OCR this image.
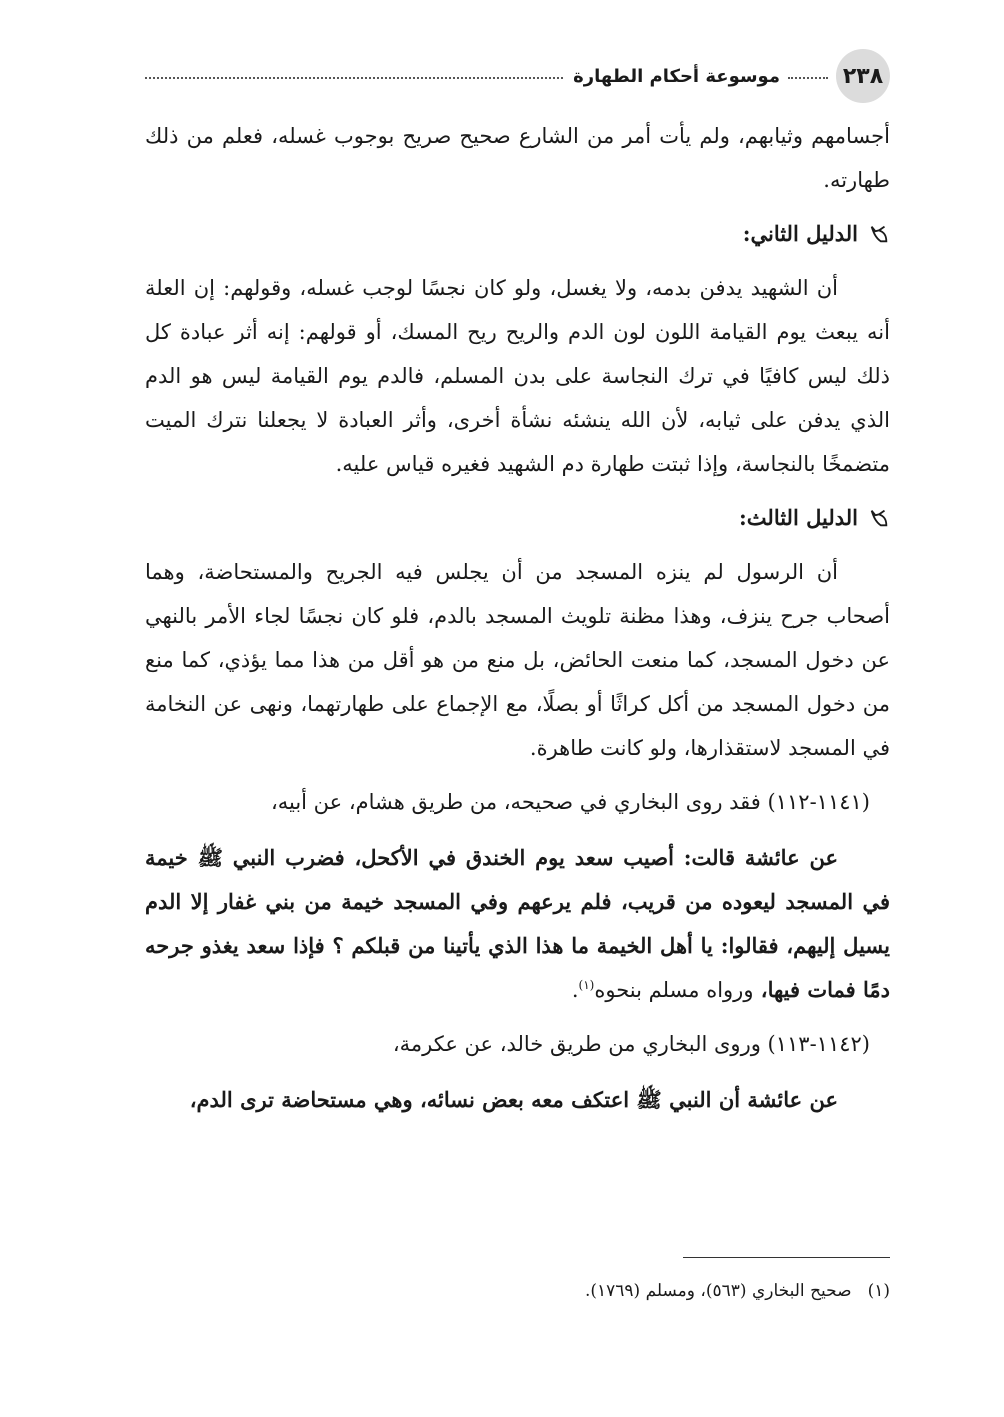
٢٣٨
موسوعة أحكام الطهارة

أجسامهم وثيابهم، ولم يأت أمر من الشارع صحيح صريح بوجوب غسله، فعلم من ذلك طهارته.

الدليل الثاني:

أن الشهيد يدفن بدمه، ولا يغسل، ولو كان نجسًا لوجب غسله، وقولهم: إن العلة أنه يبعث يوم القيامة اللون لون الدم والريح ريح المسك، أو قولهم: إنه أثر عبادة كل ذلك ليس كافيًا في ترك النجاسة على بدن المسلم، فالدم يوم القيامة ليس هو الدم الذي يدفن على ثيابه، لأن الله ينشئه نشأة أخرى، وأثر العبادة لا يجعلنا نترك الميت متضمخًا بالنجاسة، وإذا ثبتت طهارة دم الشهيد فغيره قياس عليه.

الدليل الثالث:

أن الرسول لم ينزه المسجد من أن يجلس فيه الجريح والمستحاضة، وهما أصحاب جرح ينزف، وهذا مظنة تلويث المسجد بالدم، فلو كان نجسًا لجاء الأمر بالنهي عن دخول المسجد، كما منعت الحائض، بل منع من هو أقل من هذا مما يؤذي، كما منع من دخول المسجد من أكل كراثًا أو بصلًا، مع الإجماع على طهارتهما، ونهى عن النخامة في المسجد لاستقذارها، ولو كانت طاهرة.

(١١٤١-١١٢) فقد روى البخاري في صحيحه، من طريق هشام، عن أبيه،

عن عائشة قالت: أصيب سعد يوم الخندق في الأكحل، فضرب النبي ﷺ خيمة في المسجد ليعوده من قريب، فلم يرعهم وفي المسجد خيمة من بني غفار إلا الدم يسيل إليهم، فقالوا: يا أهل الخيمة ما هذا الذي يأتينا من قبلكم ؟ فإذا سعد يغذو جرحه دمًا فمات فيها، ورواه مسلم بنحوه$^{(١)}$.

(١١٤٢-١١٣) وروى البخاري من طريق خالد، عن عكرمة،

عن عائشة أن النبي ﷺ اعتكف معه بعض نسائه، وهي مستحاضة ترى الدم،

(١)صحيح البخاري (٥٦٣)، ومسلم (١٧٦٩).
